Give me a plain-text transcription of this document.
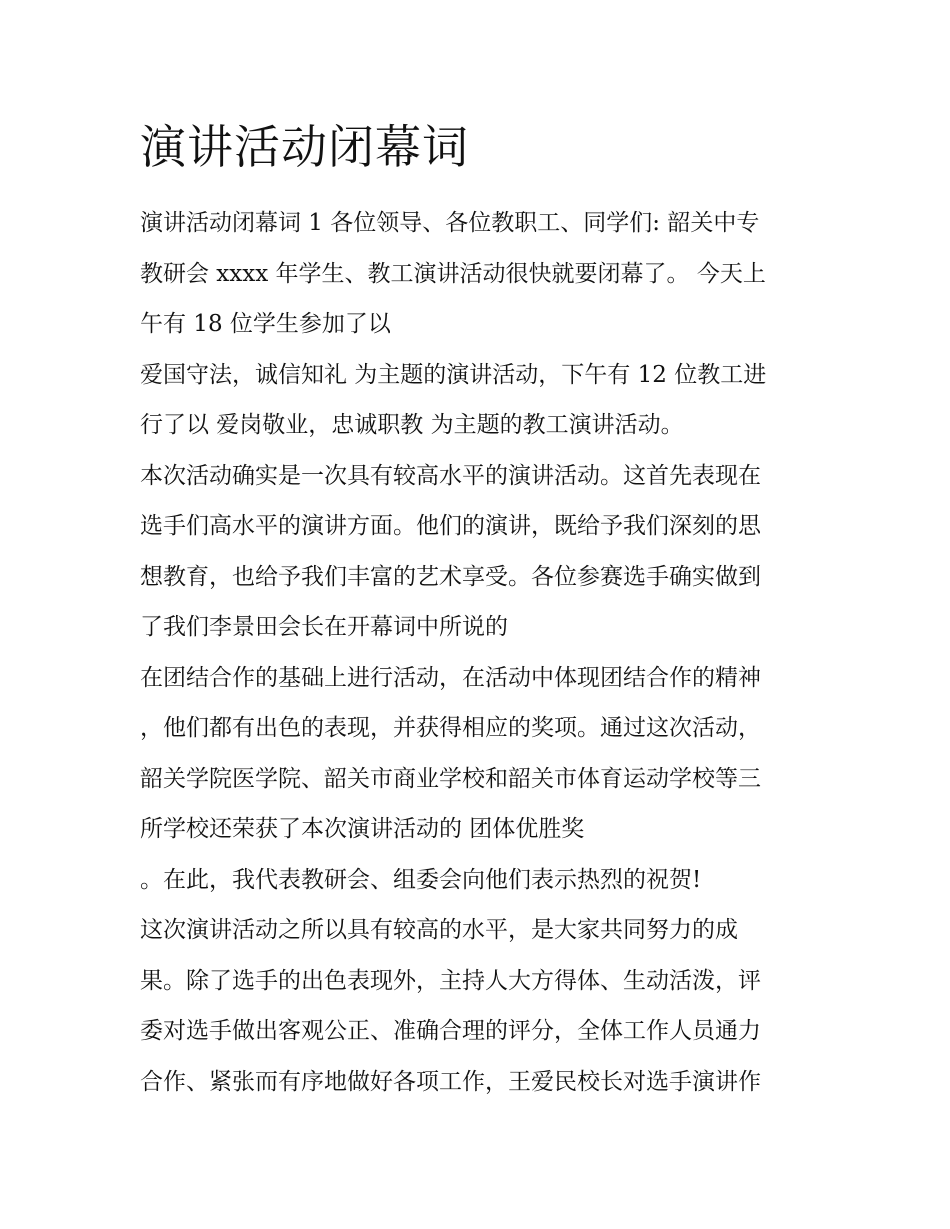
演讲活动闭幕词
演讲活动闭幕词 1 各位领导、各位教职工、同学们: 韶关中专
教研会 xxxx 年学生、教工演讲活动很快就要闭幕了。 今天上
午有 18 位学生参加了以
爱国守法，诚信知礼 为主题的演讲活动，下午有 12 位教工进
行了以 爱岗敬业，忠诚职教 为主题的教工演讲活动。
本次活动确实是一次具有较高水平的演讲活动。这首先表现在
选手们高水平的演讲方面。他们的演讲，既给予我们深刻的思
想教育，也给予我们丰富的艺术享受。各位参赛选手确实做到
了我们李景田会长在开幕词中所说的
在团结合作的基础上进行活动，在活动中体现团结合作的精神
，他们都有出色的表现，并获得相应的奖项。通过这次活动，
韶关学院医学院、韶关市商业学校和韶关市体育运动学校等三
所学校还荣获了本次演讲活动的 团体优胜奖
。在此，我代表教研会、组委会向他们表示热烈的祝贺!
这次演讲活动之所以具有较高的水平，是大家共同努力的成
果。除了选手的出色表现外，主持人大方得体、生动活泼，评
委对选手做出客观公正、准确合理的评分，全体工作人员通力
合作、紧张而有序地做好各项工作，王爱民校长对选手演讲作
